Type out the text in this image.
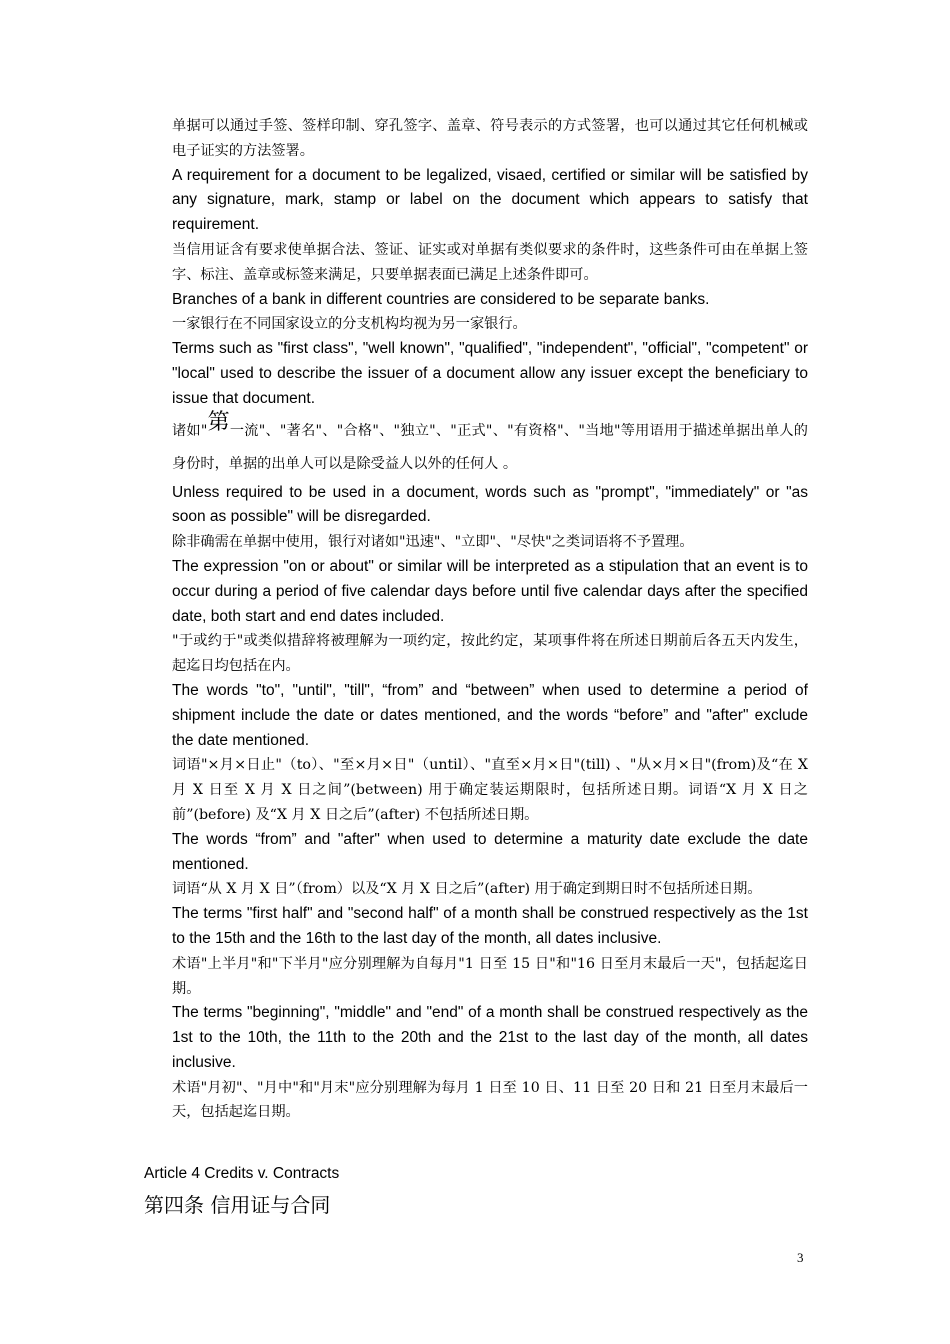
单据可以通过手签、签样印制、穿孔签字、盖章、符号表示的方式签署，也可以通过其它任何机械或电子证实的方法签署。

A requirement for a document to be legalized, visaed, certified or similar will be satisfied by any signature, mark, stamp or label on the document which appears to satisfy that requirement.

当信用证含有要求使单据合法、签证、证实或对单据有类似要求的条件时，这些条件可由在单据上签字、标注、盖章或标签来满足，只要单据表面已满足上述条件即可。

Branches of a bank in different countries are considered to be separate banks.

一家银行在不同国家设立的分支机构均视为另一家银行。

Terms such as "first class", "well known", "qualified", "independent", "official", "competent" or "local" used to describe the issuer of a document allow any issuer except the beneficiary to issue that document.

诸如"第一流"、"著名"、"合格"、"独立"、"正式"、"有资格"、"当地"等用语用于描述单据出单人的身份时，单据的出单人可以是除受益人以外的任何人 。

Unless required to be used in a document, words such as "prompt", "immediately" or "as soon as possible" will be disregarded.

除非确需在单据中使用，银行对诸如"迅速"、"立即"、"尽快"之类词语将不予置理。

The expression "on or about" or similar will be interpreted as a stipulation that an event is to occur during a period of five calendar days before until five calendar days after the specified date, both start and end dates included.

"于或约于"或类似措辞将被理解为一项约定，按此约定，某项事件将在所述日期前后各五天内发生，起迄日均包括在内。

The words "to", "until", "till", “from” and “between” when used to determine a period of shipment include the date or dates mentioned, and the words “before” and "after" exclude the date mentioned.

词语"×月×日止"（to）、"至×月×日"（until）、"直至×月×日"(till) 、"从×月×日"(from)及“在 X 月 X 日至 X 月 X 日之间”(between) 用于确定装运期限时，包括所述日期。词语“X 月 X 日之前”(before) 及“X 月 X 日之后”(after) 不包括所述日期。

The words “from” and "after" when used to determine a maturity date exclude the date mentioned.

词语“从 X 月 X 日”（from）以及“X 月 X 日之后”(after) 用于确定到期日时不包括所述日期。

The terms "first half" and "second half" of a month shall be construed respectively as the 1st to the 15th and the 16th to the last day of the month, all dates inclusive.

术语"上半月"和"下半月"应分别理解为自每月"1 日至 15 日"和"16 日至月末最后一天"，包括起迄日期。

The terms "beginning", "middle" and "end" of a month shall be construed respectively as the 1st to the 10th, the 11th to the 20th and the 21st to the last day of the month, all dates inclusive.

术语"月初"、"月中"和"月末"应分别理解为每月 1 日至 10 日、11 日至 20 日和 21 日至月末最后一天，包括起迄日期。

Article 4 Credits v. Contracts

第四条 信用证与合同

3
